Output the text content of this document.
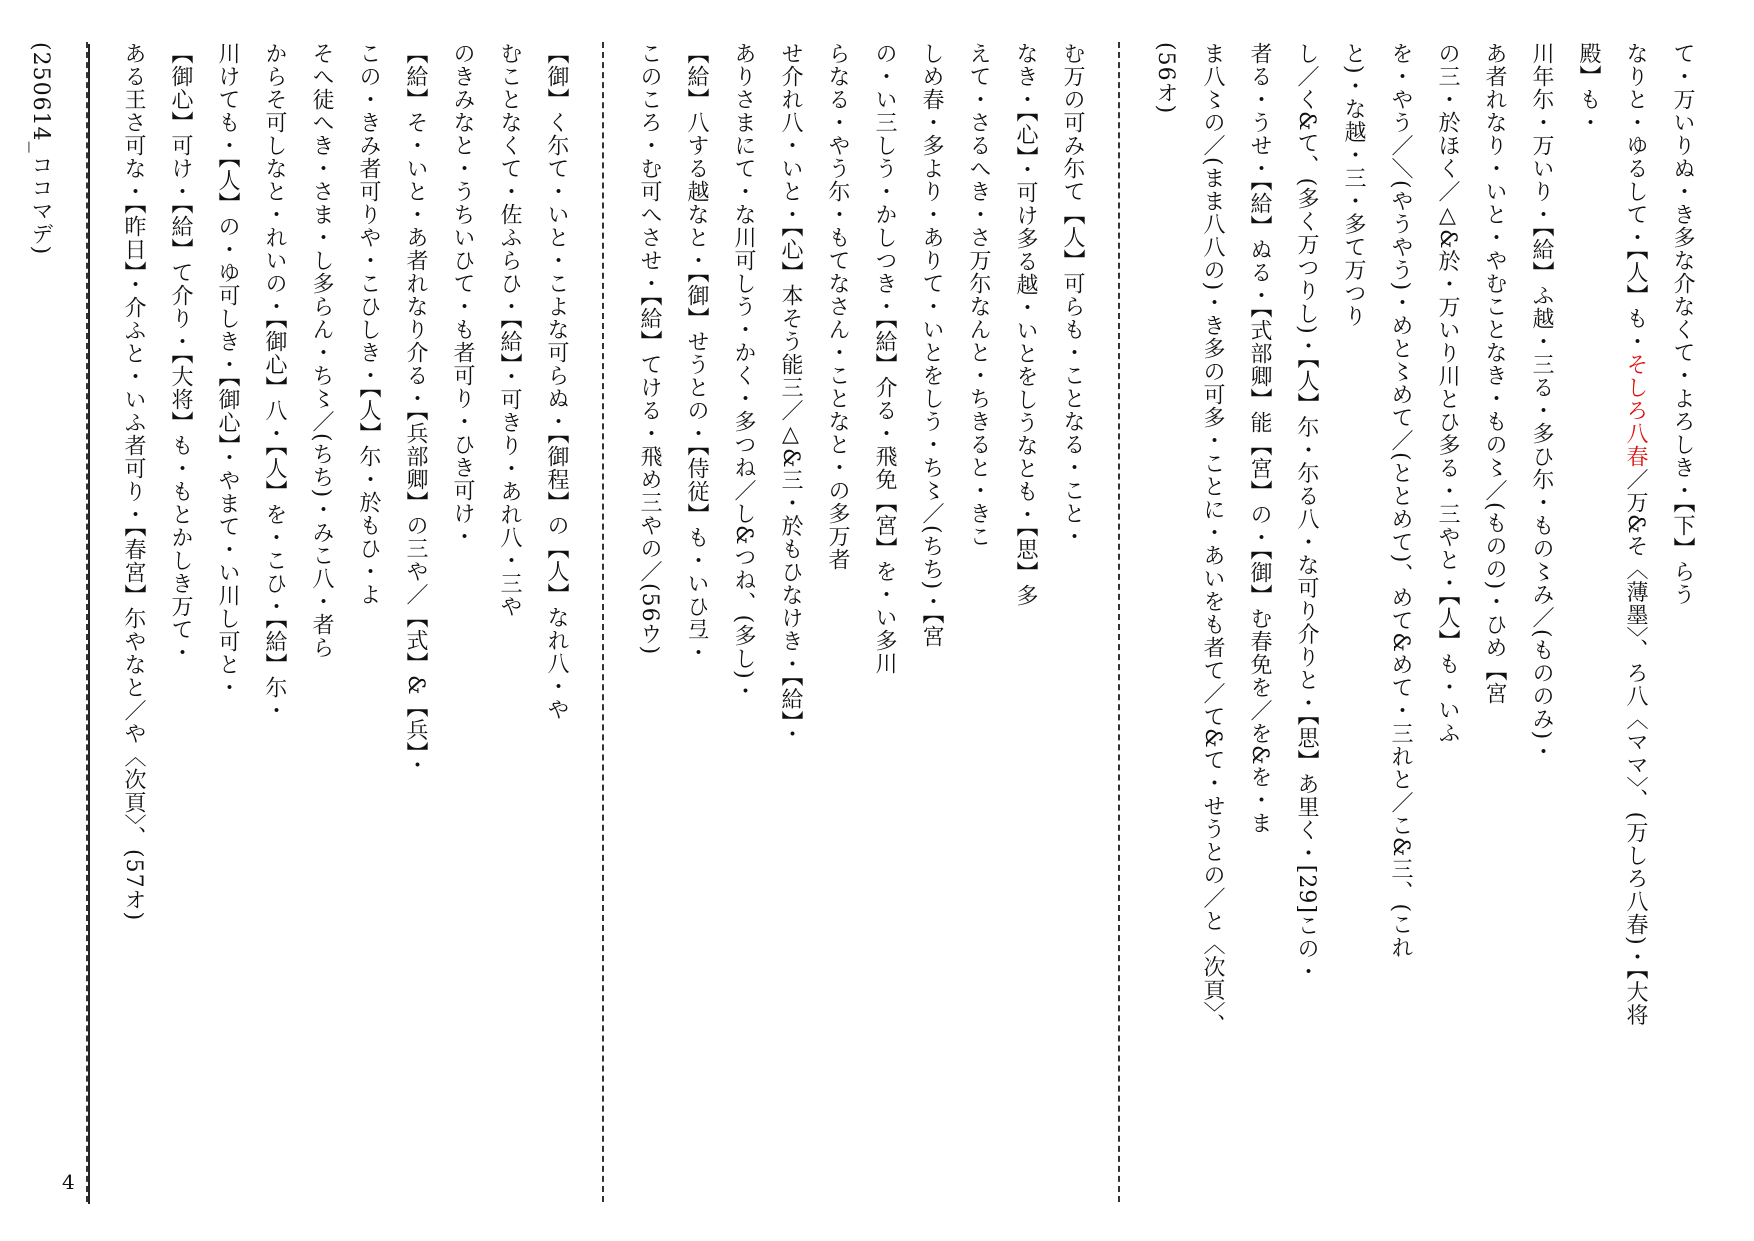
て・万いりぬ・き多な介なくて・よろしき・【下】らう
なりと・ゆるして・【人】も・そしろ八春／万&そ〈薄墨〉、ろ八〈ママ〉、(万しろ八春)・【大将
殿】も・
川年尓・万いり・【給】ふ越・三る・多ひ尓・もの〻み／(もののみ)・
あ者れなり・いと・やむことなき・もの〻／(ものの)・ひめ【宮
の三・於ほく／△&於・万いり川とひ多る・三やと・【人】も・いふ
を・やう／＼(やうやう)・めと〻めて／(ととめて)、めて&めて・三れと／こ&三、(これ
と)・な越・三・多て万つり
し／く&て、(多く万つりし)・【人】尓・尓る八・な可り介りと・【思】あ里く・[29]この・
者る・うせ・【給】ぬる・【式部卿】能【宮】の・【御】む春免を／を&を・ま
ま八〻の／(まま八八の)・き多の可多・ことに・あいをも者て／て&て・せうとの／と〈次頁〉、
(56オ)
む万の可み尓て【人】可らも・ことなる・こと・
なき・【心】・可け多る越・いとをしうなとも・【思】多
えて・さるへき・さ万尓なんと・ちきると・きこ
しめ春・多より・ありて・いとをしう・ち〻／(ちち)・【宮
の・い三しう・かしつき・【給】介る・飛免【宮】を・い多川
らなる・やう尓・もてなさん・ことなと・の多万者
せ介れ八・いと・【心】本そう能三／△&三・於もひなけき・【給】・
ありさまにて・な川可しう・かく・多つね／し&つね、(多し)・
【給】八する越なと・【御】せうとの・【侍従】も・いひ弖・
このころ・む可へさせ・【給】てける・飛め三やの／(56ウ)
【御】く尓て・いと・こよな可らぬ・【御程】の【人】なれ八・や
むことなくて・佐ふらひ・【給】・可きり・あれ八・三や
のきみなと・うちいひて・も者可り・ひき可け・
【給】そ・いと・あ者れなり介る・【兵部卿】の三や／【式】&【兵】・
この・きみ者可りや・こひしき・【人】尓・於もひ・よ
そへ徒へき・さま・し多らん・ち〻／(ちち)・みこ八・者ら
からそ可しなと・れいの・【御心】八・【人】を・こひ・【給】尓・
川けても・【人】の・ゆ可しき・【御心】・やまて・い川し可と・
【御心】可け・【給】て介り・【大将】も・もとかしき万て・
ある王さ可な・【昨日】・介ふと・いふ者可り・【春宮】尓やなと／や〈次頁〉、(57オ)
(250614_ココマデ)
4
